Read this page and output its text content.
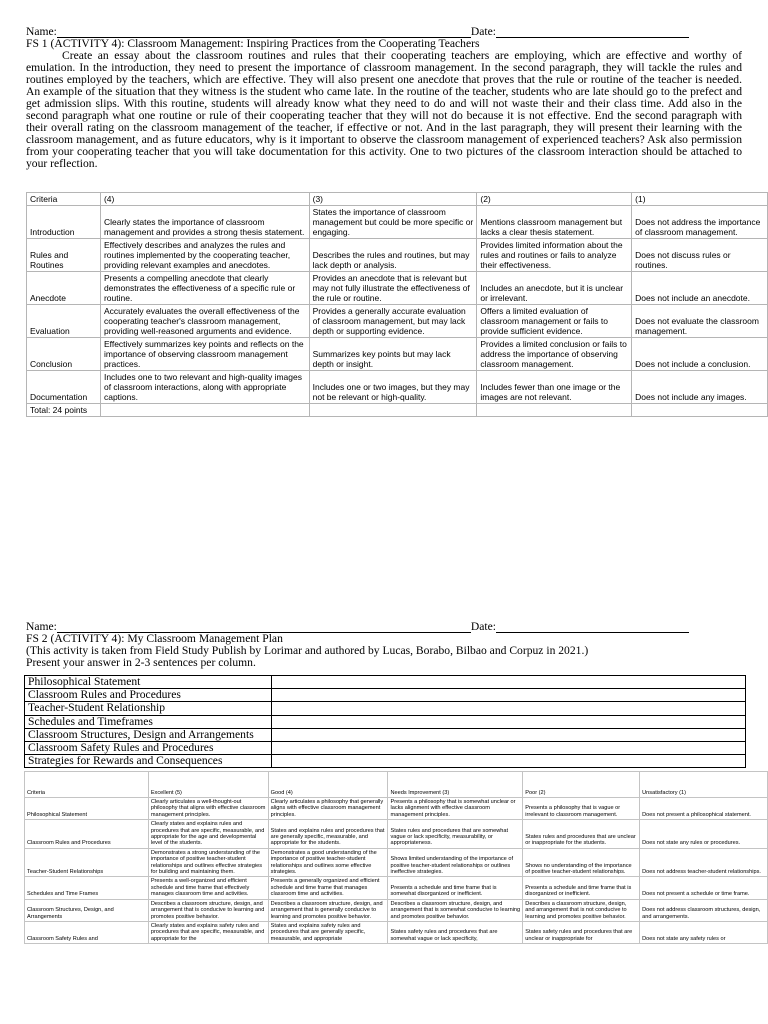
Name:	Date:
FS 1 (ACTIVITY 4): Classroom Management: Inspiring Practices from the Cooperating Teachers

Create an essay about the classroom routines and rules that their cooperating teachers are employing, which are effective and worthy of emulation. In the introduction, they need to present the importance of classroom management. In the second paragraph, they will tackle the rules and routines employed by the teachers, which are effective. They will also present one anecdote that proves that the rule or routine of the teacher is needed. An example of the situation that they witness is the student who came late. In the routine of the teacher, students who are late should go to the prefect and get admission slips. With this routine, students will already know what they need to do and will not waste their and their class time. Add also in the second paragraph what one routine or rule of their cooperating teacher that they will not do because it is not effective. End the second paragraph with their overall rating on the classroom management of the teacher, if effective or not. And in the last paragraph, they will present their learning with the classroom management, and as future educators, why is it important to observe the classroom management of experienced teachers? Ask also permission from your cooperating teacher that you will take documentation for this activity. One to two pictures of the classroom interaction should be attached to your reflection.

Criteria	(4)	(3)	(2)	(1)
Introduction	Clearly states the importance of classroom management and provides a strong thesis statement.	States the importance of classroom management but could be more specific or engaging.	Mentions classroom management but lacks a clear thesis statement.	Does not address the importance of classroom management.
Rules and Routines	Effectively describes and analyzes the rules and routines implemented by the cooperating teacher, providing relevant examples and anecdotes.	Describes the rules and routines, but may lack depth or analysis.	Provides limited information about the rules and routines or fails to analyze their effectiveness.	Does not discuss rules or routines.
Anecdote	Presents a compelling anecdote that clearly demonstrates the effectiveness of a specific rule or routine.	Provides an anecdote that is relevant but may not fully illustrate the effectiveness of the rule or routine.	Includes an anecdote, but it is unclear or irrelevant.	Does not include an anecdote.
Evaluation	Accurately evaluates the overall effectiveness of the cooperating teacher's classroom management, providing well-reasoned arguments and evidence.	Provides a generally accurate evaluation of classroom management, but may lack depth or supporting evidence.	Offers a limited evaluation of classroom management or fails to provide sufficient evidence.	Does not evaluate the classroom management.
Conclusion	Effectively summarizes key points and reflects on the importance of observing classroom management practices.	Summarizes key points but may lack depth or insight.	Provides a limited conclusion or fails to address the importance of observing classroom management.	Does not include a conclusion.
Documentation	Includes one to two relevant and high-quality images of classroom interactions, along with appropriate captions.	Includes one or two images, but they may not be relevant or high-quality.	Includes fewer than one image or the images are not relevant.	Does not include any images.
Total: 24 points				
Name:	Date:
FS 2 (ACTIVITY 4): My Classroom Management Plan
(This activity is taken from Field Study Publish by Lorimar and authored by Lucas, Borabo, Bilbao and Corpuz in 2021.)
Present your answer in 2-3 sentences per column.
Philosophical Statement	
Classroom Rules and Procedures	
Teacher-Student Relationship	
Schedules and Timeframes	
Classroom Structures, Design and Arrangements	
Classroom Safety Rules and Procedures	
Strategies for Rewards and Consequences	
Criteria	Excellent (5)	Good (4)	Needs Improvement (3)	Poor (2)	Unsatisfactory (1)
Philosophical Statement	Clearly articulates a well-thought-out philosophy that aligns with effective classroom management principles.	Clearly articulates a philosophy that generally aligns with effective classroom management principles.	Presents a philosophy that is somewhat unclear or lacks alignment with effective classroom management principles.	Presents a philosophy that is vague or irrelevant to classroom management.	Does not present a philosophical statement.
Classroom Rules and Procedures	Clearly states and explains rules and procedures that are specific, measurable, and appropriate for the age and developmental level of the students.	States and explains rules and procedures that are generally specific, measurable, and appropriate for the students.	States rules and procedures that are somewhat vague or lack specificity, measurability, or appropriateness.	States rules and procedures that are unclear or inappropriate for the students.	Does not state any rules or procedures.
Teacher-Student Relationships	Demonstrates a strong understanding of the importance of positive teacher-student relationships and outlines effective strategies for building and maintaining them.	Demonstrates a good understanding of the importance of positive teacher-student relationships and outlines some effective strategies.	Shows limited understanding of the importance of positive teacher-student relationships or outlines ineffective strategies.	Shows no understanding of the importance of positive teacher-student relationships.	Does not address teacher-student relationships.
Schedules and Time Frames	Presents a well-organized and efficient schedule and time frame that effectively manages classroom time and activities.	Presents a generally organized and efficient schedule and time frame that manages classroom time and activities.	Presents a schedule and time frame that is somewhat disorganized or inefficient.	Presents a schedule and time frame that is disorganized or inefficient.	Does not present a schedule or time frame.
Classroom Structures, Design, and Arrangements	Describes a classroom structure, design, and arrangement that is conducive to learning and promotes positive behavior.	Describes a classroom structure, design, and arrangement that is generally conducive to learning and promotes positive behavior.	Describes a classroom structure, design, and arrangement that is somewhat conducive to learning and promotes positive behavior.	Describes a classroom structure, design, and arrangement that is not conducive to learning and promotes positive behavior.	Does not address classroom structures, design, and arrangements.
Classroom Safety Rules and	Clearly states and explains safety rules and procedures that are specific, measurable, and appropriate for the	States and explains safety rules and procedures that are generally specific, measurable, and appropriate	States safety rules and procedures that are somewhat vague or lack specificity,	States safety rules and procedures that are unclear or inappropriate for	Does not state any safety rules or
